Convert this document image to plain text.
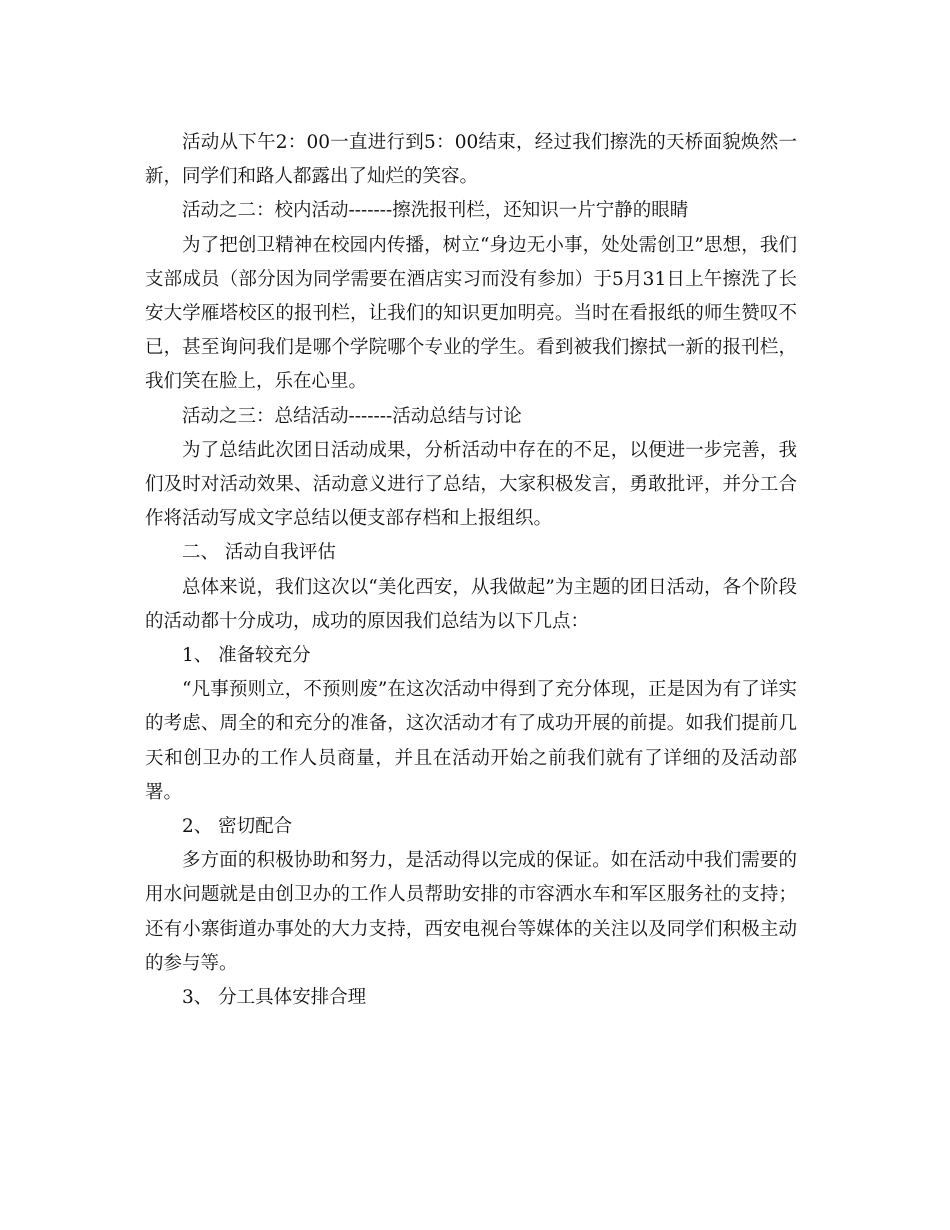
活动从下午2：00一直进行到5：00结束，经过我们擦洗的天桥面貌焕然一新，同学们和路人都露出了灿烂的笑容。

活动之二：校内活动-------擦洗报刊栏，还知识一片宁静的眼睛

为了把创卫精神在校园内传播，树立“身边无小事，处处需创卫”思想，我们支部成员（部分因为同学需要在酒店实习而没有参加）于5月31日上午擦洗了长安大学雁塔校区的报刊栏，让我们的知识更加明亮。当时在看报纸的师生赞叹不已，甚至询问我们是哪个学院哪个专业的学生。看到被我们擦拭一新的报刊栏，我们笑在脸上，乐在心里。

活动之三：总结活动-------活动总结与讨论

为了总结此次团日活动成果，分析活动中存在的不足，以便进一步完善，我们及时对活动效果、活动意义进行了总结，大家积极发言，勇敢批评，并分工合作将活动写成文字总结以便支部存档和上报组织。

二、 活动自我评估

总体来说，我们这次以“美化西安，从我做起”为主题的团日活动，各个阶段的活动都十分成功，成功的原因我们总结为以下几点：

1、 准备较充分

“凡事预则立，不预则废”在这次活动中得到了充分体现，正是因为有了详实的考虑、周全的和充分的准备，这次活动才有了成功开展的前提。如我们提前几天和创卫办的工作人员商量，并且在活动开始之前我们就有了详细的及活动部署。

2、 密切配合

多方面的积极协助和努力，是活动得以完成的保证。如在活动中我们需要的用水问题就是由创卫办的工作人员帮助安排的市容洒水车和军区服务社的支持；还有小寨街道办事处的大力支持，西安电视台等媒体的关注以及同学们积极主动的参与等。

3、 分工具体安排合理
